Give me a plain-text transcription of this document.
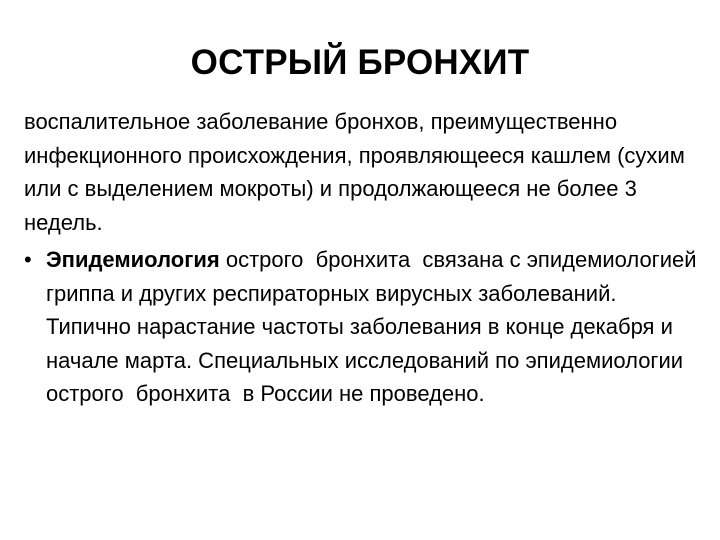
ОСТРЫЙ БРОНХИТ

воспалительное заболевание бронхов, преимущественно инфекционного происхождения, проявляющееся кашлем (сухим или с выделением мокроты) и продолжающееся не более 3 недель.

• Эпидемиология острого  бронхита  связана с эпидемиологией гриппа и других респираторных вирусных заболеваний. Типично нарастание частоты заболевания в конце декабря и начале марта. Специальных исследований по эпидемиологии острого  бронхита  в России не проведено.
